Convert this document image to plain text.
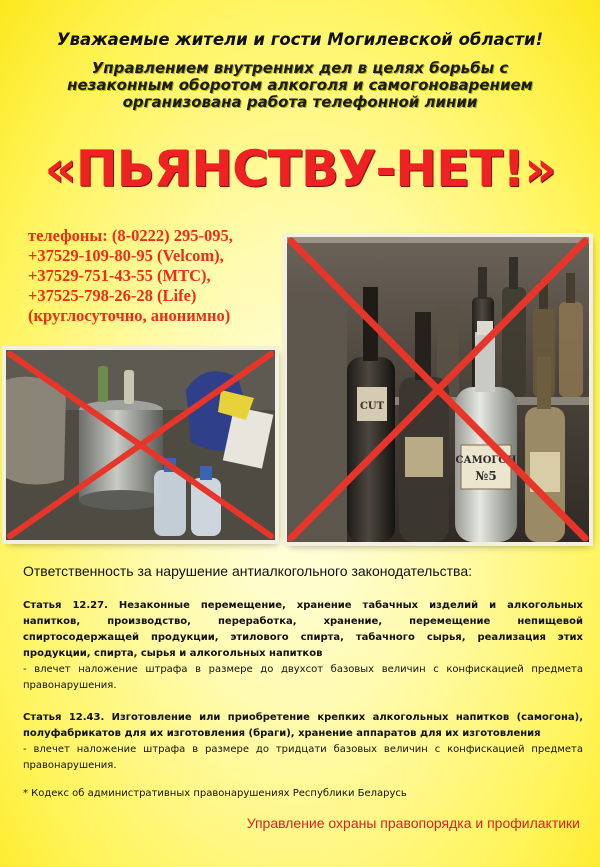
Уважаемые жители и гости Могилевской области!
Управлением внутренних дел в целях борьбы с
незаконным оборотом алкоголя и самогоноварением
организована работа телефонной линии
«ПЬЯНСТВУ-НЕТ!»
телефоны: (8-0222) 295-095,
+37529-109-80-95 (Velcom),
+37529-751-43-55 (МТС),
+37525-798-26-28 (Life)
(круглосуточно, анонимно)
CUT
САМОГОН
№5
Ответственность за нарушение антиалкогольного законодательства:
Статья 12.27. Незаконные перемещение, хранение табачных изделий и алкогольных напитков, производство, переработка, хранение, перемещение непищевой спиртосодержащей продукции, этилового спирта, табачного сырья, реализация этих продукции, спирта, сырья и алкогольных напитков
- влечет наложение штрафа в размере до двухсот базовых величин с конфискацией предмета правонарушения.
Статья 12.43. Изготовление или приобретение крепких алкогольных напитков (самогона), полуфабрикатов для их изготовления (браги), хранение аппаратов для их изготовления
- влечет наложение штрафа в размере до тридцати базовых величин с конфискацией предмета правонарушения.
* Кодекс об административных правонарушениях Республики Беларусь
Управление охраны правопорядка и профилактики
